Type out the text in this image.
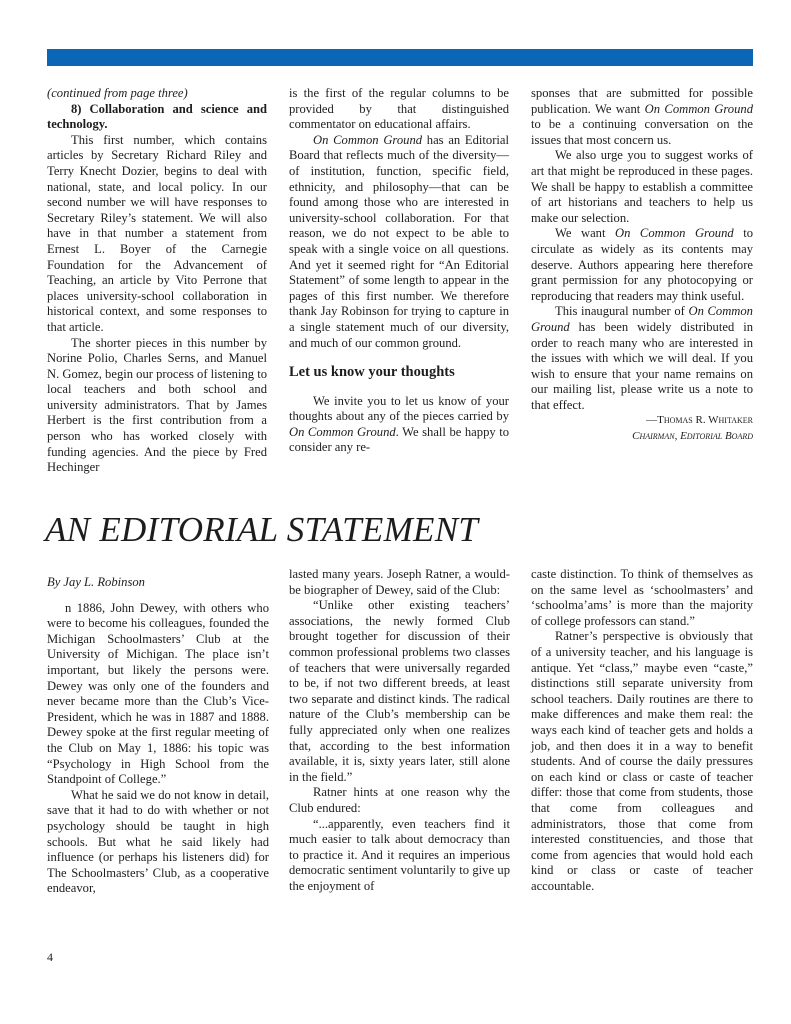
(continued from page three)

8) Collaboration and science and technology.

This first number, which contains articles by Secretary Richard Riley and Terry Knecht Dozier, begins to deal with national, state, and local policy. In our second number we will have responses to Secretary Riley’s statement. We will also have in that number a statement from Ernest L. Boyer of the Carnegie Foundation for the Advancement of Teaching, an article by Vito Perrone that places university-school collaboration in historical context, and some responses to that article.

The shorter pieces in this number by Norine Polio, Charles Serns, and Manuel N. Gomez, begin our process of listening to local teachers and both school and university administrators. That by James Herbert is the first contribution from a person who has worked closely with funding agencies. And the piece by Fred Hechinger

is the first of the regular columns to be provided by that distinguished commentator on educational affairs.

On Common Ground has an Editorial Board that reflects much of the diversity—of institution, function, specific field, ethnicity, and philosophy—that can be found among those who are interested in university-school collaboration. For that reason, we do not expect to be able to speak with a single voice on all questions. And yet it seemed right for “An Editorial Statement” of some length to appear in the pages of this first number. We therefore thank Jay Robinson for trying to capture in a single statement much of our diversity, and much of our common ground.

Let us know your thoughts

We invite you to let us know of your thoughts about any of the pieces carried by On Common Ground. We shall be happy to consider any re-

sponses that are submitted for possible publication. We want On Common Ground to be a continuing conversation on the issues that most concern us.

We also urge you to suggest works of art that might be reproduced in these pages. We shall be happy to establish a committee of art historians and teachers to help us make our selection.

We want On Common Ground to circulate as widely as its contents may deserve. Authors appearing here therefore grant permission for any photocopying or reproducing that readers may think useful.

This inaugural number of On Common Ground has been widely distributed in order to reach many who are interested in the issues with which we will deal. If you wish to ensure that your name remains on our mailing list, please write us a note to that effect.

—Thomas R. Whitaker

Chairman, Editorial Board

AN EDITORIAL STATEMENT

By Jay L. Robinson

n 1886, John Dewey, with others who were to become his colleagues, founded the Michigan Schoolmasters’ Club at the University of Michigan. The place isn’t important, but likely the persons were. Dewey was only one of the founders and never became more than the Club’s Vice-President, which he was in 1887 and 1888. Dewey spoke at the first regular meeting of the Club on May 1, 1886: his topic was “Psychology in High School from the Standpoint of College.”

What he said we do not know in detail, save that it had to do with whether or not psychology should be taught in high schools. But what he said likely had influence (or perhaps his listeners did) for The Schoolmasters’ Club, as a cooperative endeavor,

lasted many years. Joseph Ratner, a would-be biographer of Dewey, said of the Club:

“Unlike other existing teachers’ associations, the newly formed Club brought together for discussion of their common professional problems two classes of teachers that were universally regarded to be, if not two different breeds, at least two separate and distinct kinds. The radical nature of the Club’s membership can be fully appreciated only when one realizes that, according to the best information available, it is, sixty years later, still alone in the field.”

Ratner hints at one reason why the Club endured:

“...apparently, even teachers find it much easier to talk about democracy than to practice it. And it requires an imperious democratic sentiment voluntarily to give up the enjoyment of

caste distinction. To think of themselves as on the same level as ‘schoolmasters’ and ‘schoolma’ams’ is more than the majority of college professors can stand.”

Ratner’s perspective is obviously that of a university teacher, and his language is antique. Yet “class,” maybe even “caste,” distinctions still separate university from school teachers. Daily routines are there to make differences and make them real: the ways each kind of teacher gets and holds a job, and then does it in a way to benefit students. And of course the daily pressures on each kind or class or caste of teacher differ: those that come from students, those that come from colleagues and administrators, those that come from interested constituencies, and those that come from agencies that would hold each kind or class or caste of teacher accountable.

4
